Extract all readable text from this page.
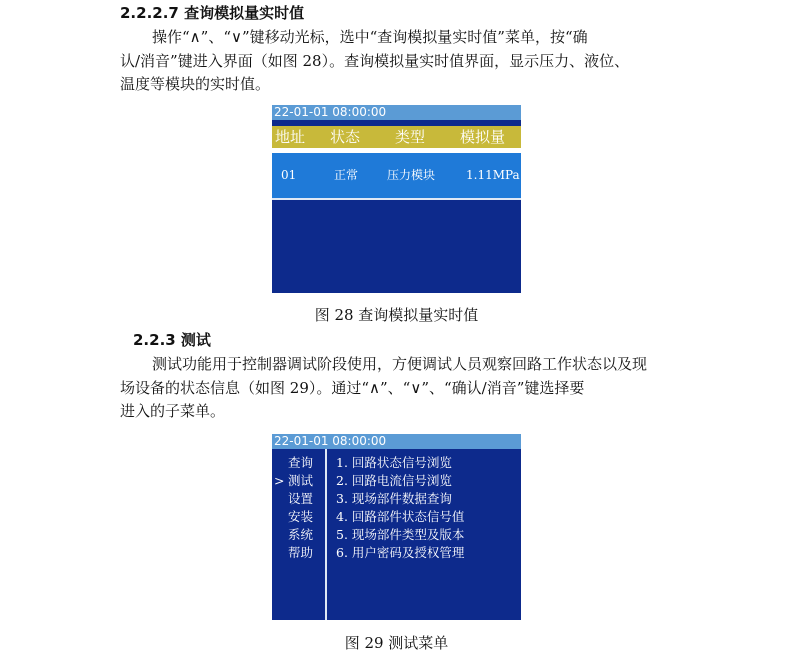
2.2.2.7 查询模拟量实时值
操作“∧”、“∨”键移动光标，选中“查询模拟量实时值”菜单，按“确
认/消音”键进入界面（如图 28）。查询模拟量实时值界面，显示压力、液位、
温度等模块的实时值。
22-01-01 08:00:00
地址 状态 类型 模拟量
01	正常 压力模块	1.11MPa
图 28 查询模拟量实时值
2.2.3 测试
测试功能用于控制器调试阶段使用，方便调试人员观察回路工作状态以及现
场设备的状态信息（如图 29）。通过“∧”、“∨”、“确认/消音”键选择要
进入的子菜单。
22-01-01 08:00:00
查询
> 测试
设置
安装
系统
帮助
1. 回路状态信号浏览
2. 回路电流信号浏览
3. 现场部件数据查询
4. 回路部件状态信号值
5. 现场部件类型及版本
6. 用户密码及授权管理
图 29 测试菜单
